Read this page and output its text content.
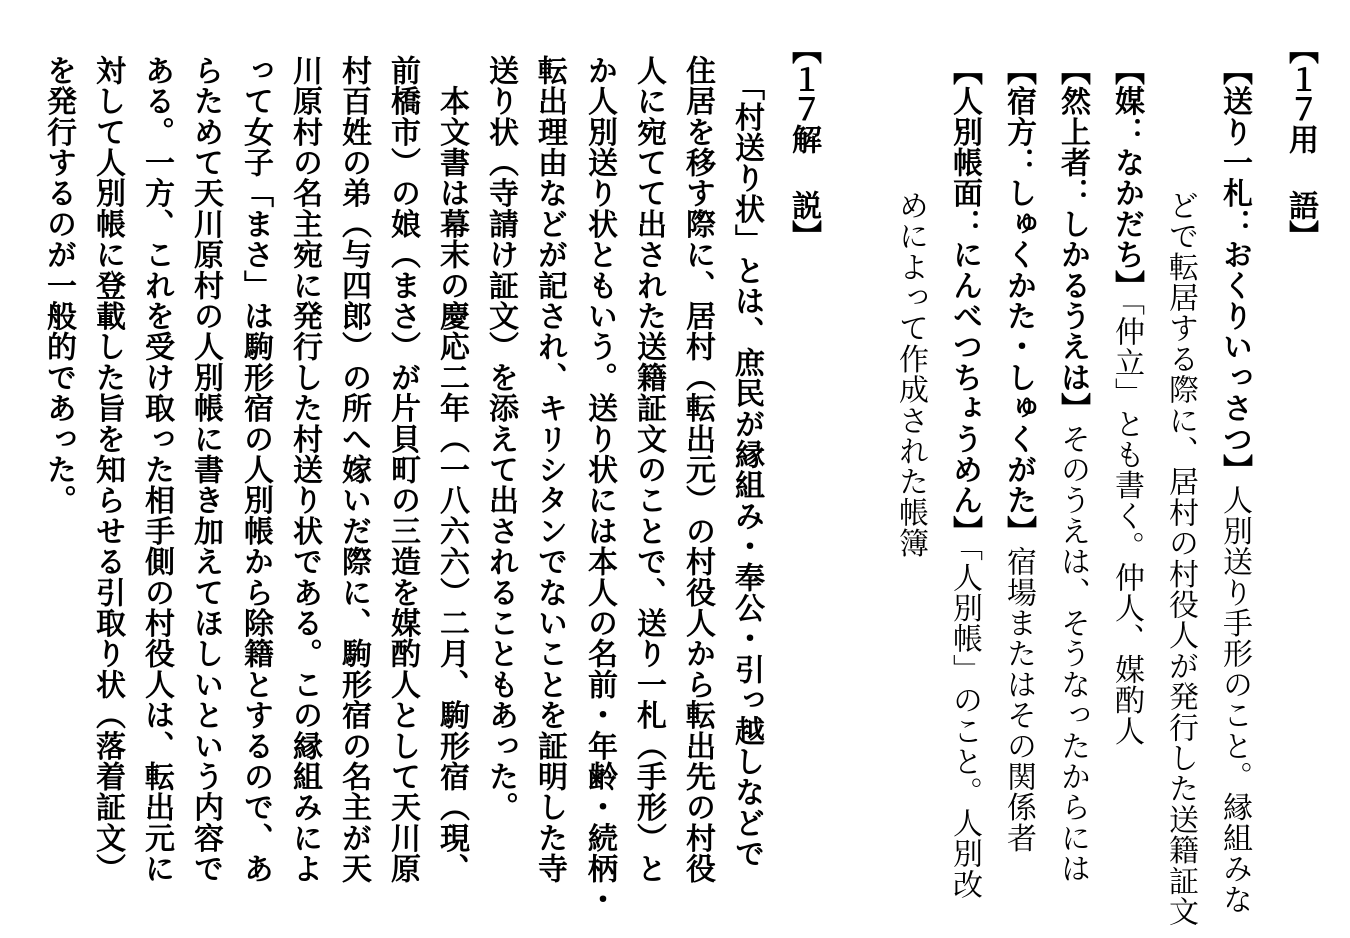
【１７用語】
【送り一札：おくりいっさつ】人別送り手形のこと。縁組みな
どで転居する際に、居村の村役人が発行した送籍証文
【媒：なかだち】「仲立」とも書く。仲人、媒酌人
【然上者：しかるうえは】そのうえは、そうなったからには
【宿方：しゅくかた・しゅくがた】宿場またはその関係者
【人別帳面：にんべつちょうめん】「人別帳」のこと。人別改
めによって作成された帳簿
【１７解説】
　「村送り状」とは、庶民が縁組み・奉公・引っ越しなどで
住居を移す際に、居村（転出元）の村役人から転出先の村役
人に宛てて出された送籍証文のことで、送り一札（手形）と
か人別送り状ともいう。送り状には本人の名前・年齢・続柄・
転出理由などが記され、キリシタンでないことを証明した寺
送り状（寺請け証文）を添えて出されることもあった。
　本文書は幕末の慶応二年（一八六六）二月、駒形宿（現、
前橋市）の娘（まさ）が片貝町の三造を媒酌人として天川原
村百姓の弟（与四郎）の所へ嫁いだ際に、駒形宿の名主が天
川原村の名主宛に発行した村送り状である。この縁組みによ
って女子「まさ」は駒形宿の人別帳から除籍とするので、あ
らためて天川原村の人別帳に書き加えてほしいという内容で
ある。一方、これを受け取った相手側の村役人は、転出元に
対して人別帳に登載した旨を知らせる引取り状（落着証文）
を発行するのが一般的であった。
